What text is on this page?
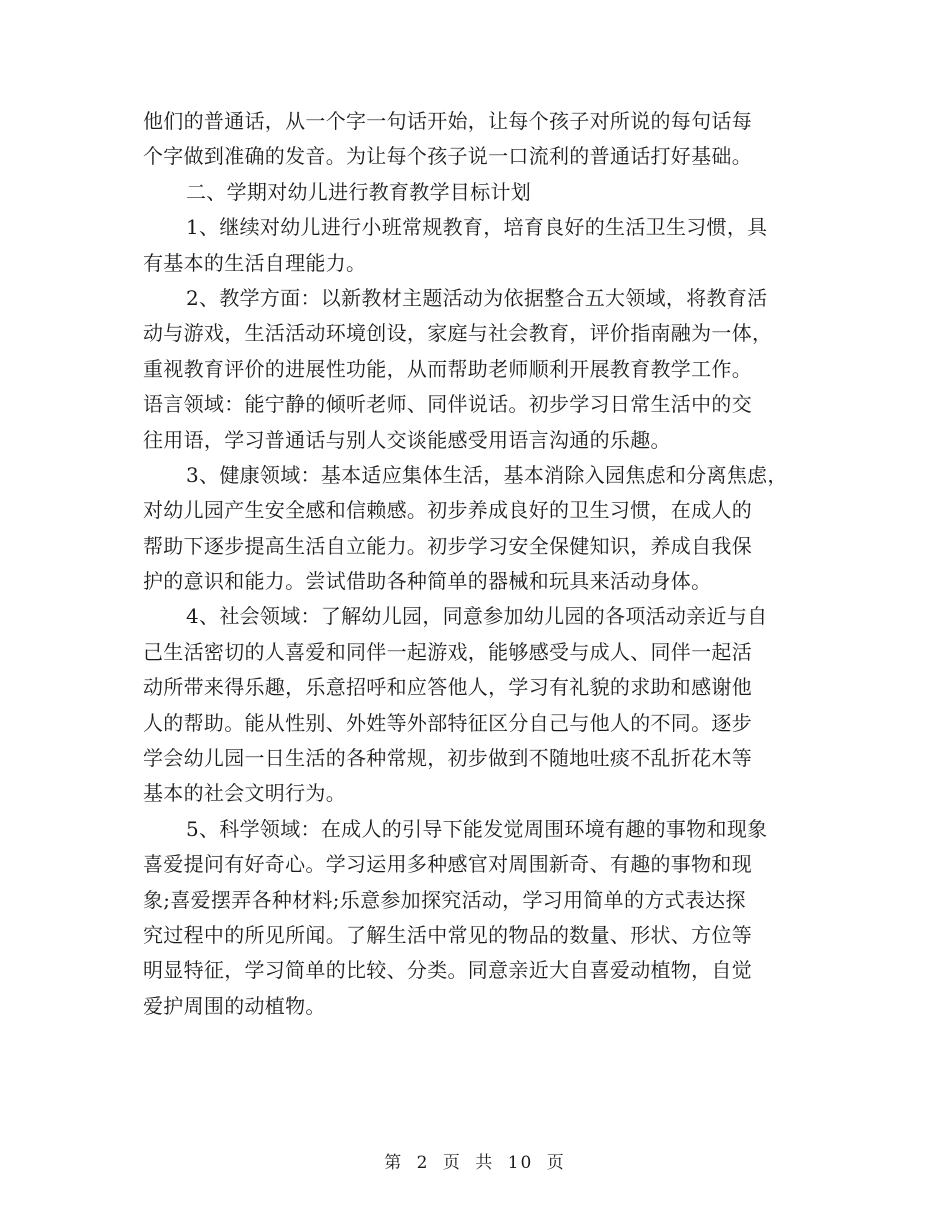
他们的普通话，从一个字一句话开始，让每个孩子对所说的每句话每
个字做到准确的发音。为让每个孩子说一口流利的普通话打好基础。
二、学期对幼儿进行教育教学目标计划
1、继续对幼儿进行小班常规教育，培育良好的生活卫生习惯，具
有基本的生活自理能力。
2、教学方面：以新教材主题活动为依据整合五大领域，将教育活
动与游戏，生活活动环境创设，家庭与社会教育，评价指南融为一体，
重视教育评价的进展性功能，从而帮助老师顺利开展教育教学工作。
语言领域：能宁静的倾听老师、同伴说话。初步学习日常生活中的交
往用语，学习普通话与别人交谈能感受用语言沟通的乐趣。
3、健康领域：基本适应集体生活，基本消除入园焦虑和分离焦虑，
对幼儿园产生安全感和信赖感。初步养成良好的卫生习惯，在成人的
帮助下逐步提高生活自立能力。初步学习安全保健知识，养成自我保
护的意识和能力。尝试借助各种简单的器械和玩具来活动身体。
4、社会领域：了解幼儿园，同意参加幼儿园的各项活动亲近与自
己生活密切的人喜爱和同伴一起游戏，能够感受与成人、同伴一起活
动所带来得乐趣，乐意招呼和应答他人，学习有礼貌的求助和感谢他
人的帮助。能从性别、外姓等外部特征区分自己与他人的不同。逐步
学会幼儿园一日生活的各种常规，初步做到不随地吐痰不乱折花木等
基本的社会文明行为。
5、科学领域：在成人的引导下能发觉周围环境有趣的事物和现象
喜爱提问有好奇心。学习运用多种感官对周围新奇、有趣的事物和现
象;喜爱摆弄各种材料;乐意参加探究活动，学习用简单的方式表达探
究过程中的所见所闻。了解生活中常见的物品的数量、形状、方位等
明显特征，学习简单的比较、分类。同意亲近大自喜爱动植物，自觉
爱护周围的动植物。
第 2 页 共 10 页
